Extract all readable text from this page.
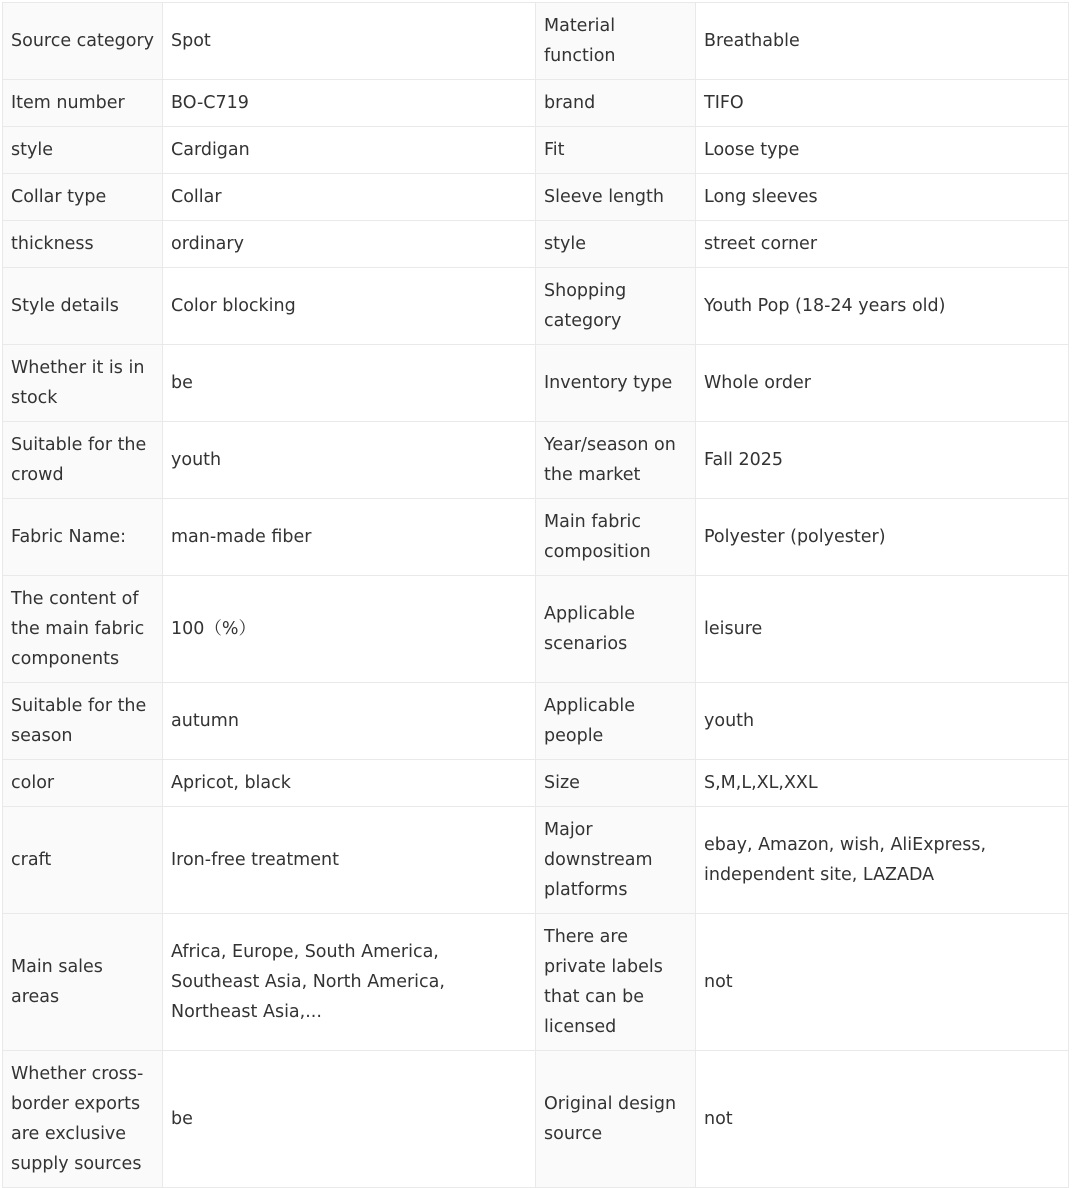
Source category	Spot	Material function	Breathable
Item number	BO-C719	brand	TIFO
style	Cardigan	Fit	Loose type
Collar type	Collar	Sleeve length	Long sleeves
thickness	ordinary	style	street corner
Style details	Color blocking	Shopping category	Youth Pop (18-24 years old)
Whether it is in stock	be	Inventory type	Whole order
Suitable for the crowd	youth	Year/season on the market	Fall 2025
Fabric Name:	man-made fiber	Main fabric composition	Polyester (polyester)
The content of the main fabric components	100（%）	Applicable scenarios	leisure
Suitable for the season	autumn	Applicable people	youth
color	Apricot, black	Size	S,M,L,XL,XXL
craft	Iron-free treatment	Major downstream platforms	ebay, Amazon, wish, AliExpress, independent site, LAZADA
Main sales areas	Africa, Europe, South America, Southeast Asia, North America, Northeast Asia,...	There are private labels that can be licensed	not
Whether cross-border exports are exclusive supply sources	be	Original design source	not
